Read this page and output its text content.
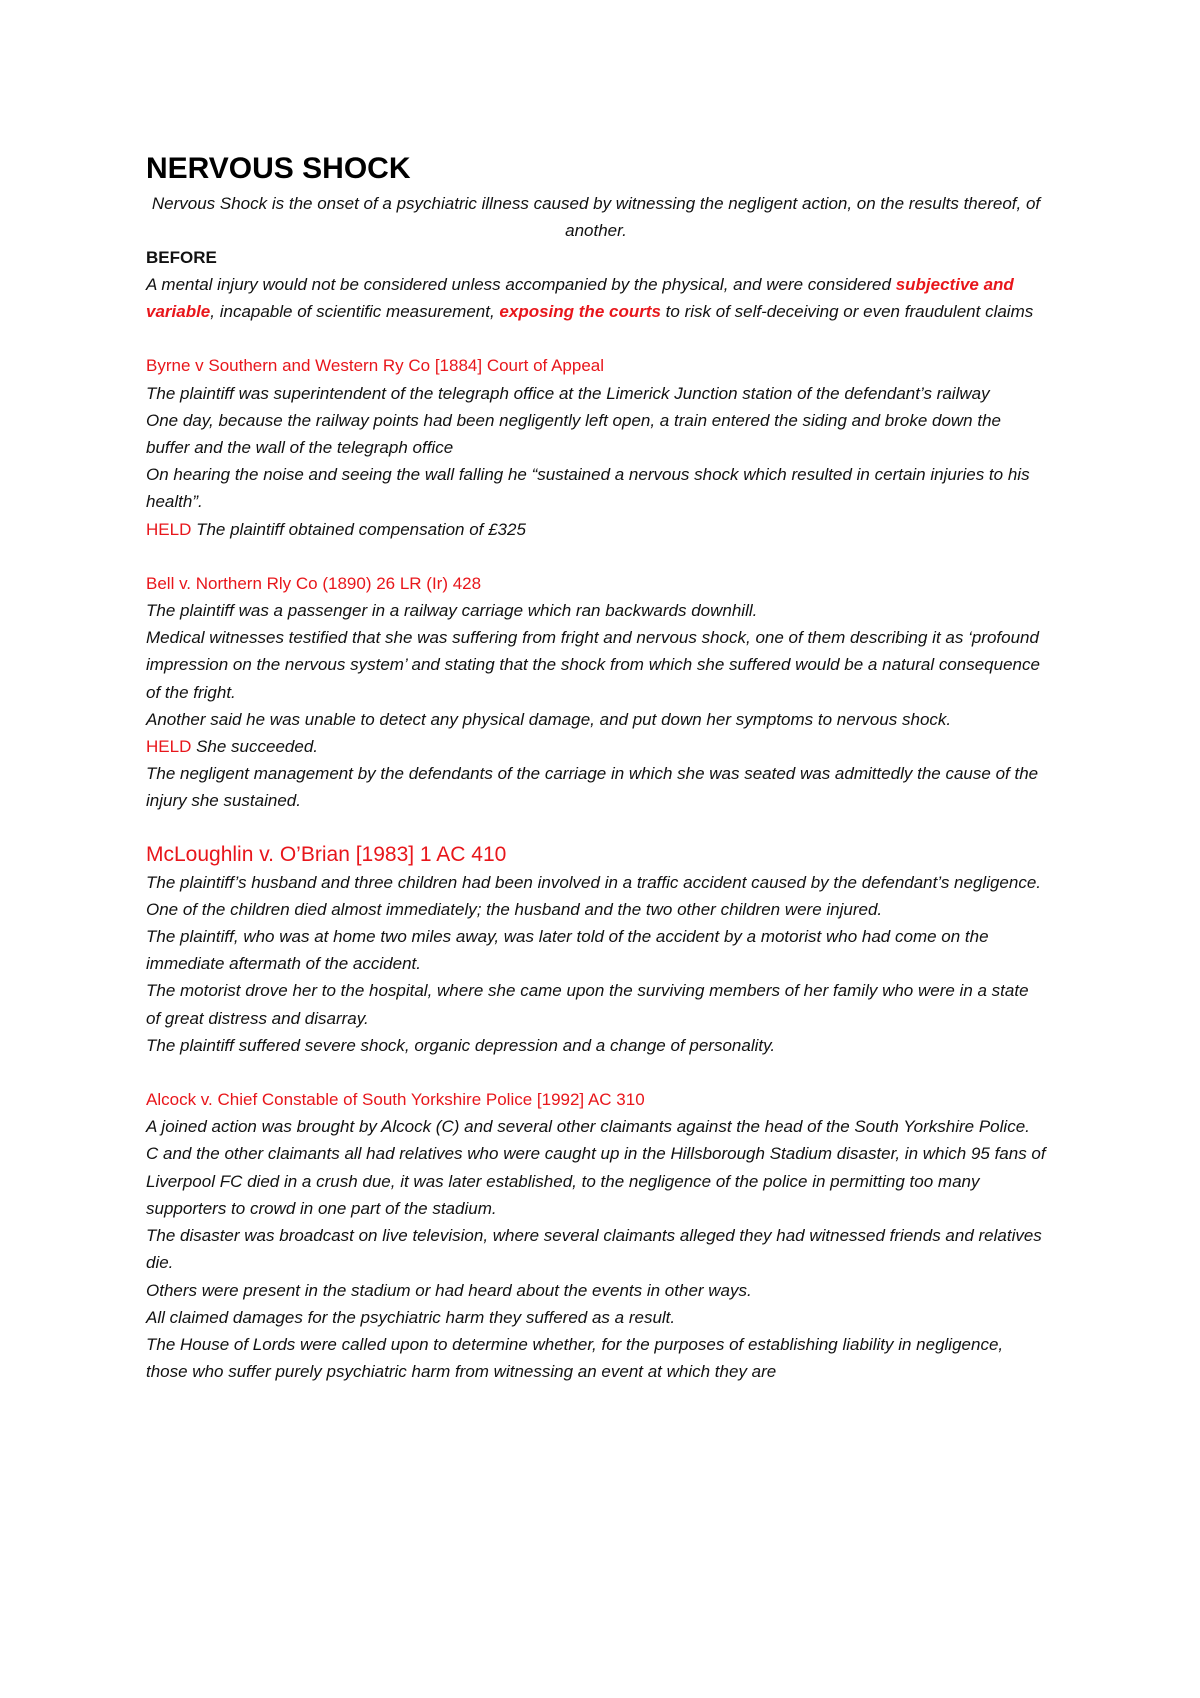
NERVOUS SHOCK

Nervous Shock is the onset of a psychiatric illness caused by witnessing the negligent action, on the results thereof, of another.

BEFORE

A mental injury would not be considered unless accompanied by the physical, and were considered subjective and variable, incapable of scientific measurement, exposing the courts to risk of self-deceiving or even fraudulent claims

Byrne v Southern and Western Ry Co [1884] Court of Appeal

The plaintiff was superintendent of the telegraph office at the Limerick Junction station of the defendant’s railway

One day, because the railway points had been negligently left open, a train entered the siding and broke down the buffer and the wall of the telegraph office

On hearing the noise and seeing the wall falling he “sustained a nervous shock which resulted in certain injuries to his health”.

HELD The plaintiff obtained compensation of £325

Bell v. Northern Rly Co (1890) 26 LR (Ir) 428

The plaintiff was a passenger in a railway carriage which ran backwards downhill.

Medical witnesses testified that she was suffering from fright and nervous shock, one of them describing it as ‘profound impression on the nervous system’ and stating that the shock from which she suffered would be a natural consequence of the fright.

Another said he was unable to detect any physical damage, and put down her symptoms to nervous shock.

HELD She succeeded.

The negligent management by the defendants of the carriage in which she was seated was admittedly the cause of the injury she sustained.

McLoughlin v. O’Brian [1983] 1 AC 410

The plaintiff’s husband and three children had been involved in a traffic accident caused by the defendant’s negligence.

One of the children died almost immediately; the husband and the two other children were injured.

The plaintiff, who was at home two miles away, was later told of the accident by a motorist who had come on the immediate aftermath of the accident.

The motorist drove her to the hospital, where she came upon the surviving members of her family who were in a state of great distress and disarray.

The plaintiff suffered severe shock, organic depression and a change of personality.

Alcock v. Chief Constable of South Yorkshire Police [1992] AC 310

A joined action was brought by Alcock (C) and several other claimants against the head of the South Yorkshire Police.

C and the other claimants all had relatives who were caught up in the Hillsborough Stadium disaster, in which 95 fans of Liverpool FC died in a crush due, it was later established, to the negligence of the police in permitting too many supporters to crowd in one part of the stadium.

The disaster was broadcast on live television, where several claimants alleged they had witnessed friends and relatives die.

Others were present in the stadium or had heard about the events in other ways.

All claimed damages for the psychiatric harm they suffered as a result.

The House of Lords were called upon to determine whether, for the purposes of establishing liability in negligence, those who suffer purely psychiatric harm from witnessing an event at which they are
